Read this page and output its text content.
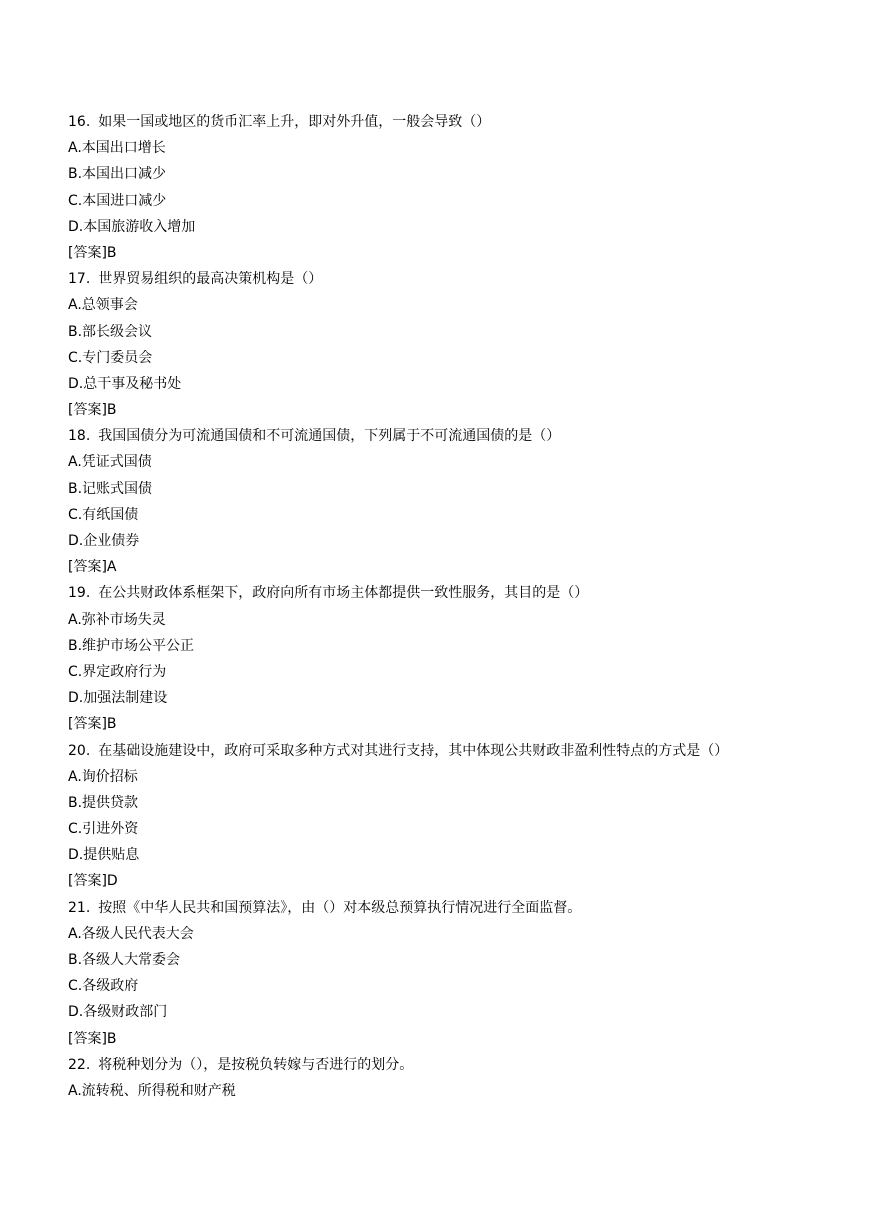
16. 如果一国或地区的货币汇率上升，即对外升值，一般会导致（）
A.本国出口增长
B.本国出口减少
C.本国进口减少
D.本国旅游收入增加
[答案]B
17. 世界贸易组织的最高决策机构是（）
A.总领事会
B.部长级会议
C.专门委员会
D.总干事及秘书处
[答案]B
18. 我国国债分为可流通国债和不可流通国债，下列属于不可流通国债的是（）
A.凭证式国债
B.记账式国债
C.有纸国债
D.企业债券
[答案]A
19. 在公共财政体系框架下，政府向所有市场主体都提供一致性服务，其目的是（）
A.弥补市场失灵
B.维护市场公平公正
C.界定政府行为
D.加强法制建设
[答案]B
20. 在基础设施建设中，政府可采取多种方式对其进行支持，其中体现公共财政非盈利性特点的方式是（）
A.询价招标
B.提供贷款
C.引进外资
D.提供贴息
[答案]D
21. 按照《中华人民共和国预算法》，由（）对本级总预算执行情况进行全面监督。
A.各级人民代表大会
B.各级人大常委会
C.各级政府
D.各级财政部门
[答案]B
22. 将税种划分为（），是按税负转嫁与否进行的划分。
A.流转税、所得税和财产税
